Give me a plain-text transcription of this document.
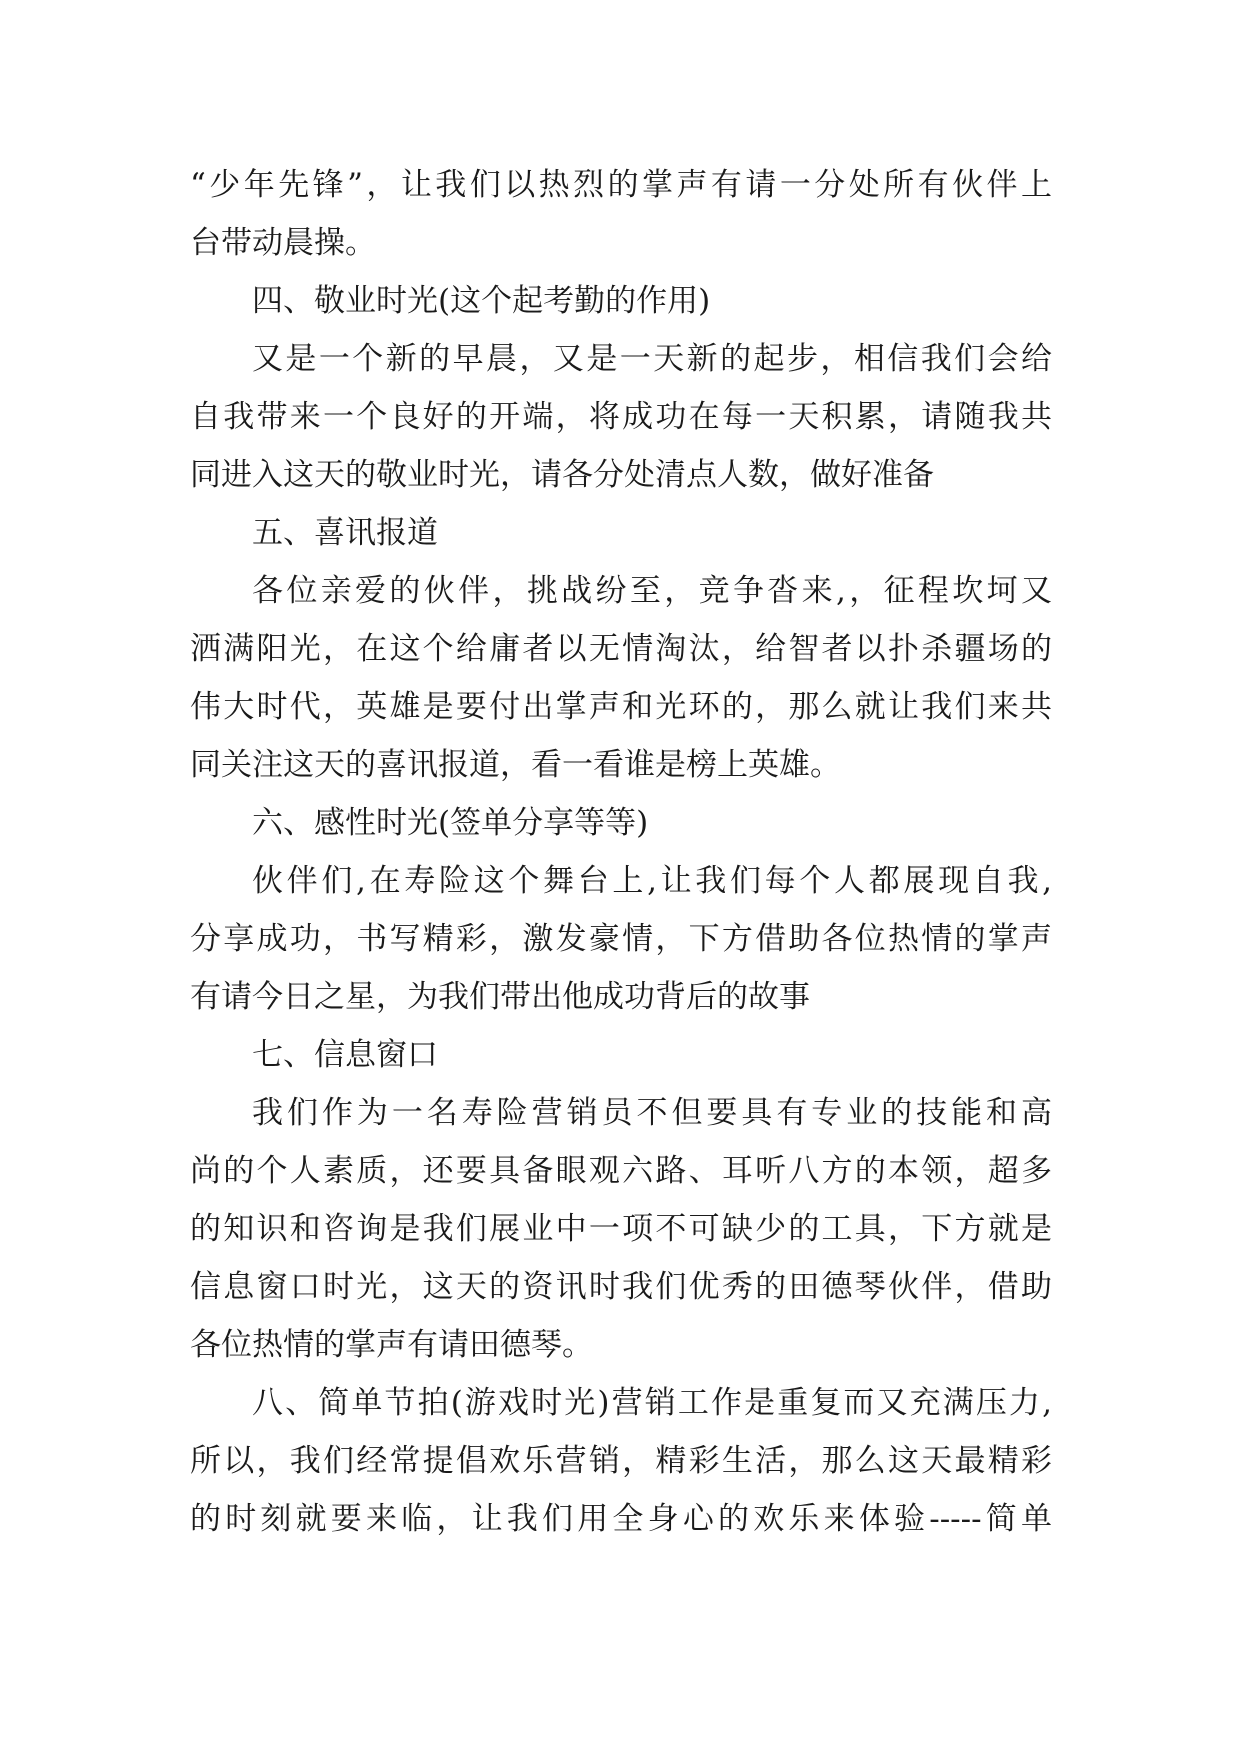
“少年先锋”，让我们以热烈的掌声有请一分处所有伙伴上
台带动晨操。
四、敬业时光(这个起考勤的作用)
又是一个新的早晨，又是一天新的起步，相信我们会给
自我带来一个良好的开端，将成功在每一天积累，请随我共
同进入这天的敬业时光，请各分处清点人数，做好准备
五、喜讯报道
各位亲爱的伙伴，挑战纷至，竞争沓来,，征程坎坷又
洒满阳光，在这个给庸者以无情淘汰，给智者以扑杀疆场的
伟大时代，英雄是要付出掌声和光环的，那么就让我们来共
同关注这天的喜讯报道，看一看谁是榜上英雄。
六、感性时光(签单分享等等)
伙伴们,在寿险这个舞台上,让我们每个人都展现自我,
分享成功，书写精彩，激发豪情，下方借助各位热情的掌声
有请今日之星，为我们带出他成功背后的故事
七、信息窗口
我们作为一名寿险营销员不但要具有专业的技能和高
尚的个人素质，还要具备眼观六路、耳听八方的本领，超多
的知识和咨询是我们展业中一项不可缺少的工具，下方就是
信息窗口时光，这天的资讯时我们优秀的田德琴伙伴，借助
各位热情的掌声有请田德琴。
八、简单节拍(游戏时光)营销工作是重复而又充满压力,
所以，我们经常提倡欢乐营销，精彩生活，那么这天最精彩
的时刻就要来临，让我们用全身心的欢乐来体验-----简单
